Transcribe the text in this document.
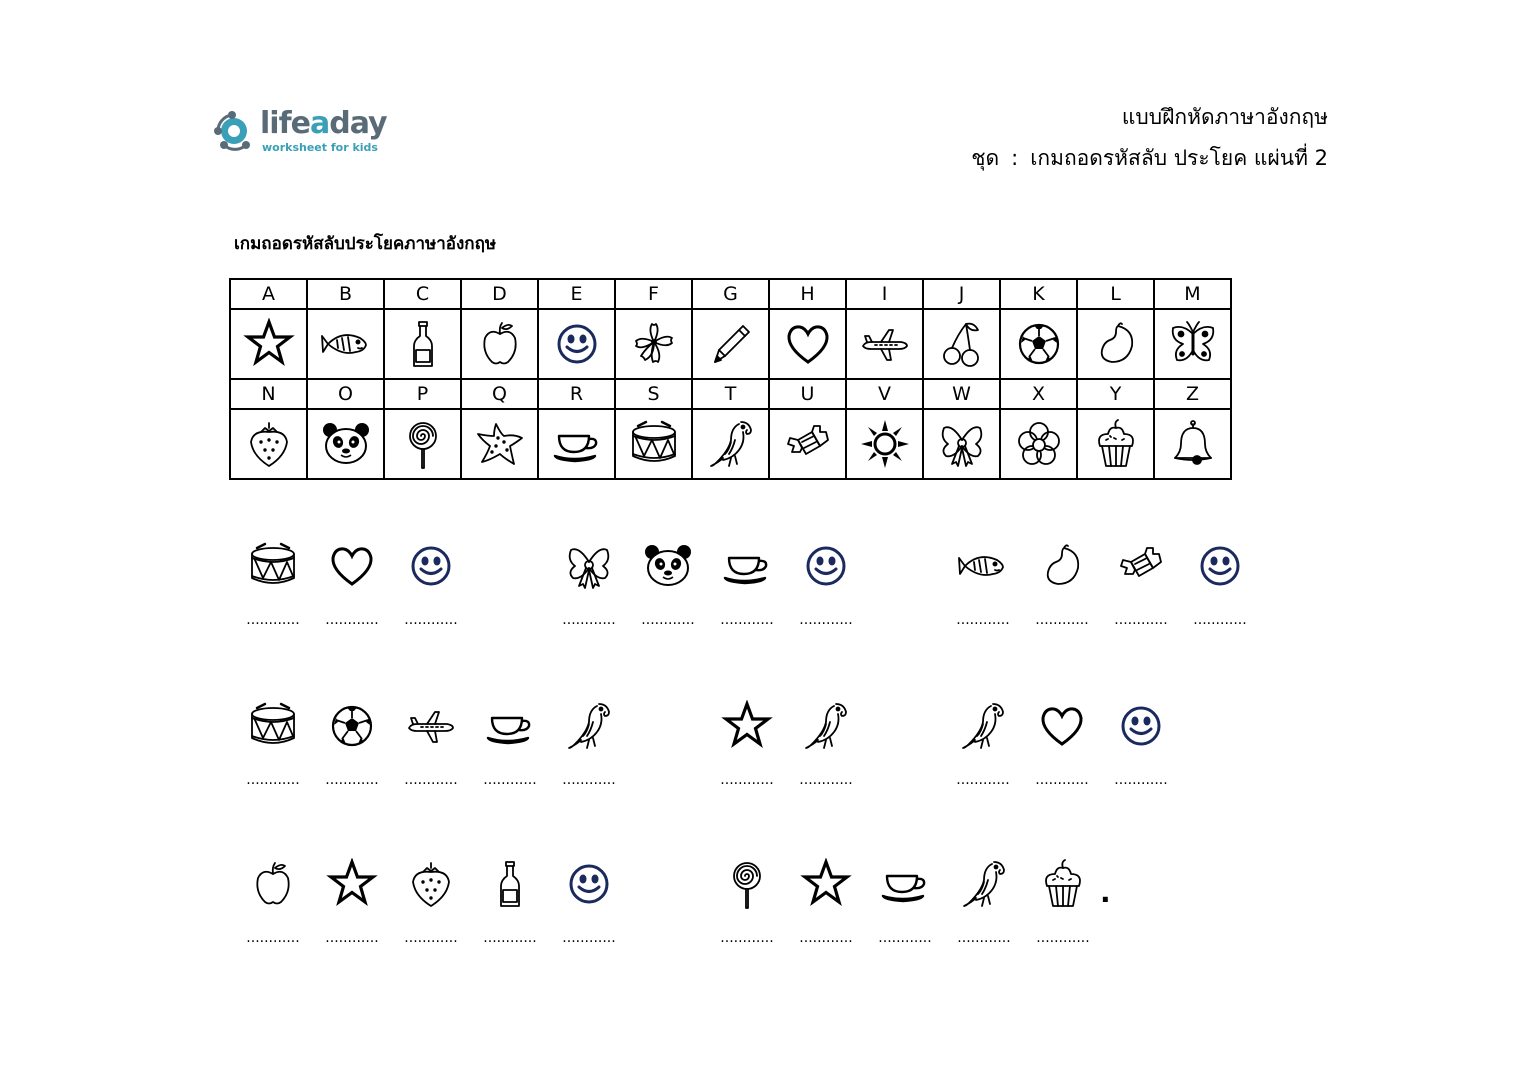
lifeaday
worksheet for kids
แบบฝึกหัดภาษาอังกฤษ
ชุด : เกมถอดรหัสลับ ประโยค แผ่นที่ 2
เกมถอดรหัสลับประโยคภาษาอังกฤษ
A	B	C	D	E	F	G	H	I	J	K	L	M

N	O	P	Q	R	S	T	U	V	W	X	Y	Z

............	............	............	............	............	............	............	............	............	............	............
............	............	............	............	............	............	............	............	............	............
............	............	............	............	............	............	............	............	............	............
.
